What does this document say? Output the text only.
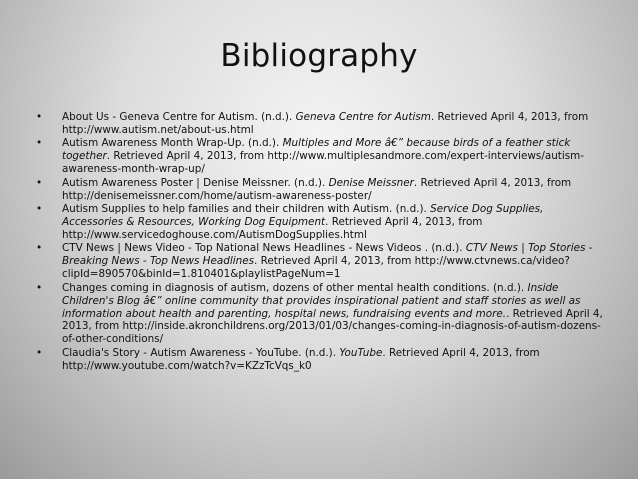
Bibliography
• About Us - Geneva Centre for Autism. (n.d.). Geneva Centre for Autism. Retrieved April 4, 2013, from http://www.autism.net/about-us.html
• Autism Awareness Month Wrap-Up. (n.d.). Multiples and More â€” because birds of a feather stick together. Retrieved April 4, 2013, from http://www.multiplesandmore.com/expert-interviews/autism-awareness-month-wrap-up/
• Autism Awareness Poster | Denise Meissner. (n.d.). Denise Meissner. Retrieved April 4, 2013, from http://denisemeissner.com/home/autism-awareness-poster/
• Autism Supplies to help families and their children with Autism. (n.d.). Service Dog Supplies, Accessories & Resources, Working Dog Equipment. Retrieved April 4, 2013, from http://www.servicedoghouse.com/AutismDogSupplies.html
• CTV News | News Video - Top National News Headlines - News Videos . (n.d.). CTV News | Top Stories - Breaking News - Top News Headlines. Retrieved April 4, 2013, from http://www.ctvnews.ca/video?clipId=890570&binId=1.810401&playlistPageNum=1
• Changes coming in diagnosis of autism, dozens of other mental health conditions. (n.d.). Inside Children's Blog â€” online community that provides inspirational patient and staff stories as well as information about health and parenting, hospital news, fundraising events and more.. Retrieved April 4, 2013, from http://inside.akronchildrens.org/2013/01/03/changes-coming-in-diagnosis-of-autism-dozens-of-other-conditions/
• Claudia's Story - Autism Awareness - YouTube. (n.d.). YouTube. Retrieved April 4, 2013, from http://www.youtube.com/watch?v=KZzTcVqs_k0
